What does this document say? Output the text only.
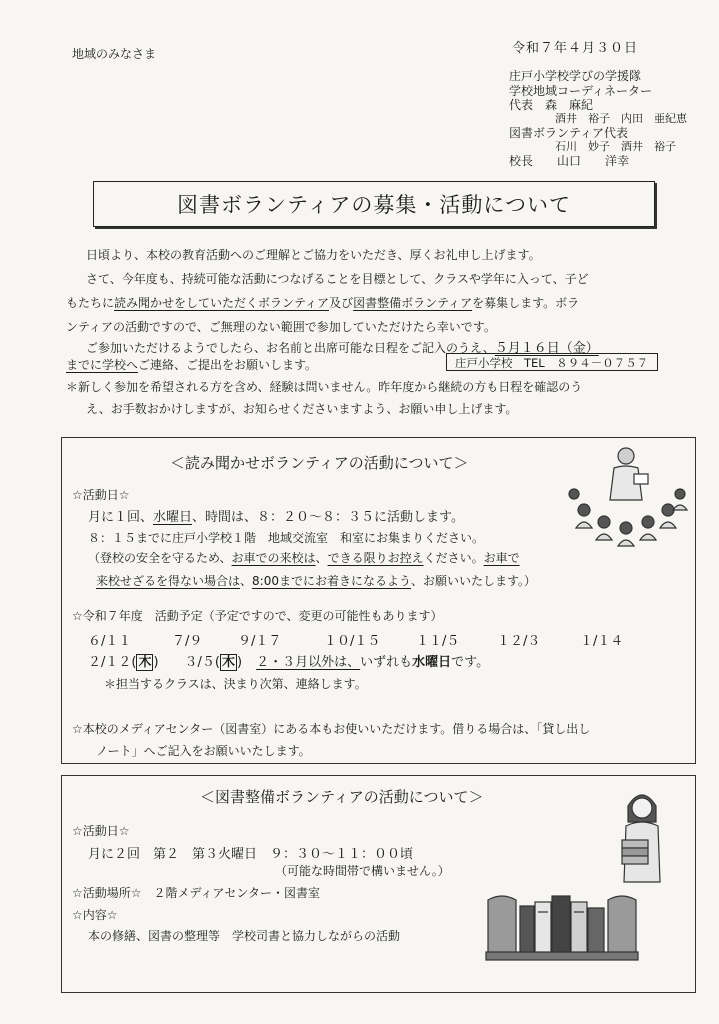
地域のみなさま	令和７年４月３０日
庄戸小学校学びの学援隊
学校地域コーディネーター
代表　森　麻紀
酒井　裕子　内田　亜紀恵
図書ボランティア代表
石川　妙子　酒井　裕子
校長　　山口　　洋幸
図書ボランティアの募集・活動について
日頃より、本校の教育活動へのご理解とご協力をいただき、厚くお礼申し上げます。
さて、今年度も、持続可能な活動につなげることを目標として、クラスや学年に入って、子ど
もたちに読み聞かせをしていただくボランティア及び図書整備ボランティアを募集します。ボラ
ンティアの活動ですので、ご無理のない範囲で参加していただけたら幸いです。
ご参加いただけるようでしたら、お名前と出席可能な日程をご記入のうえ、５月１６日（金）
までに学校へご連絡、ご提出をお願いします。	庄戸小学校　TEL　８９４－０７５７
＊新しく参加を希望される方を含め、経験は問いません。昨年度から継続の方も日程を確認のう
え、お手数おかけしますが、お知らせくださいますよう、お願い申し上げます。
＜読み聞かせボランティアの活動について＞
☆活動日☆
月に１回、水曜日、時間は、８：２０～８：３５に活動します。
８：１５までに庄戸小学校１階　地域交流室　和室にお集まりください。
（登校の安全を守るため、お車での来校は、できる限りお控えください。お車で
来校せざるを得ない場合は、8:00までにお着きになるよう、お願いいたします。）
☆令和７年度　活動予定（予定ですので、変更の可能性もあります）
６/１１	７/９	９/１７	１０/１５	１１/５	１２/３	１/１４
２/１２( 木 ) ３/５( 木 ) ２・３月以外は、いずれも水曜日です。
＊担当するクラスは、決まり次第、連絡します。
☆本校のメディアセンター（図書室）にある本もお使いいただけます。借りる場合は、「貸し出し
ノート」へご記入をお願いいたします。
＜図書整備ボランティアの活動について＞
☆活動日☆
月に２回　第２　第３火曜日　９：３０～１１：００頃
（可能な時間帯で構いません。）
☆活動場所☆　２階メディアセンター・図書室
☆内容☆
本の修繕、図書の整理等　学校司書と協力しながらの活動
